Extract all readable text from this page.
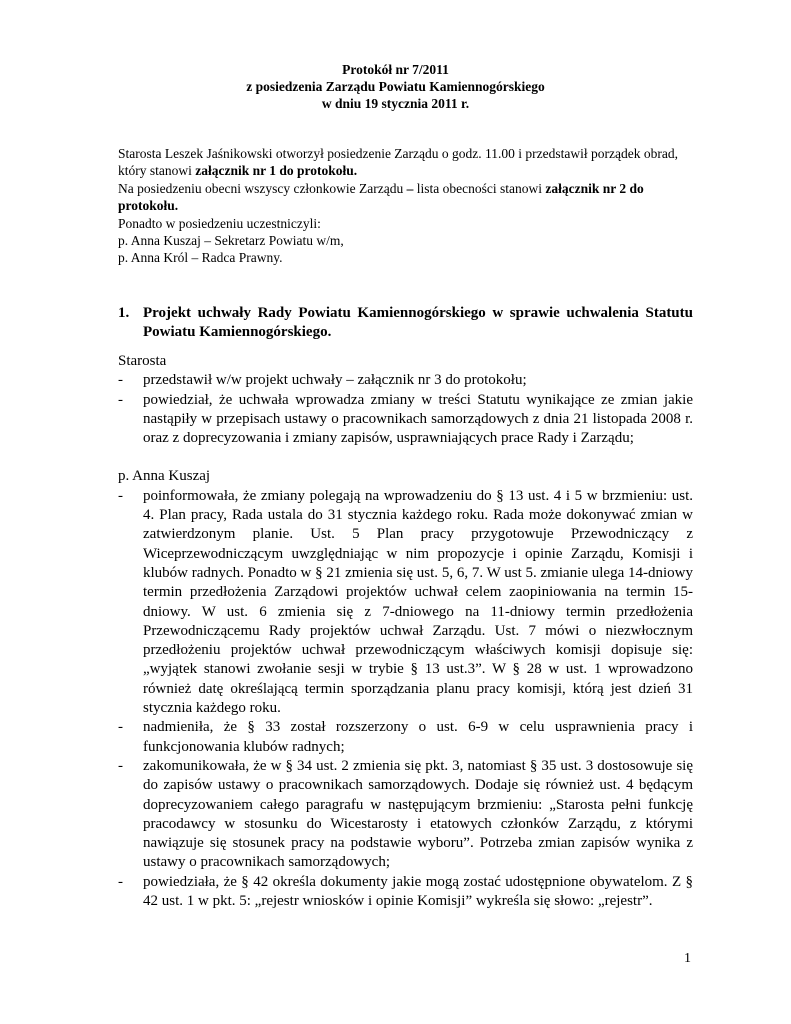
Protokół nr 7/2011
z posiedzenia Zarządu Powiatu Kamiennogórskiego
w dniu 19 stycznia 2011 r.

Starosta Leszek Jaśnikowski otworzył posiedzenie Zarządu o godz. 11.00 i przedstawił porządek obrad, który stanowi załącznik nr 1 do protokołu.

Na posiedzeniu obecni wszyscy członkowie Zarządu – lista obecności stanowi załącznik nr 2 do protokołu.

Ponadto w posiedzeniu uczestniczyli:

p. Anna Kuszaj – Sekretarz Powiatu w/m,

p. Anna Król – Radca Prawny.

1. Projekt uchwały Rady Powiatu Kamiennogórskiego w sprawie uchwalenia Statutu Powiatu Kamiennogórskiego.

Starosta

-	przedstawił w/w projekt uchwały – załącznik nr 3 do protokołu;
-	powiedział, że uchwała wprowadza zmiany w treści Statutu wynikające ze zmian jakie nastąpiły w przepisach ustawy o pracownikach samorządowych z dnia 21 listopada 2008 r. oraz z doprecyzowania i zmiany zapisów, usprawniających prace Rady i Zarządu;

p. Anna Kuszaj

-	poinformowała, że zmiany polegają na wprowadzeniu do § 13 ust. 4 i 5 w brzmieniu: ust. 4. Plan pracy, Rada ustala do 31 stycznia każdego roku. Rada może dokonywać zmian w zatwierdzonym planie. Ust. 5 Plan pracy przygotowuje Przewodniczący z Wiceprzewodniczącym uwzględniając w nim propozycje i opinie Zarządu, Komisji i klubów radnych. Ponadto w § 21 zmienia się ust. 5, 6, 7. W ust 5. zmianie ulega 14-dniowy termin przedłożenia Zarządowi projektów uchwał celem zaopiniowania na termin 15-dniowy. W ust. 6 zmienia się z 7-dniowego na 11-dniowy termin przedłożenia Przewodniczącemu Rady projektów uchwał Zarządu. Ust. 7 mówi o niezwłocznym przedłożeniu projektów uchwał przewodniczącym właściwych komisji dopisuje się: „wyjątek stanowi zwołanie sesji w trybie § 13 ust.3”. W § 28 w ust. 1 wprowadzono również datę określającą termin sporządzania planu pracy komisji, którą jest dzień 31 stycznia każdego roku.
-	nadmieniła, że § 33 został rozszerzony o ust. 6-9 w celu usprawnienia pracy i funkcjonowania klubów radnych;
-	zakomunikowała, że w § 34 ust. 2 zmienia się pkt. 3, natomiast § 35 ust. 3 dostosowuje się do zapisów ustawy o pracownikach samorządowych. Dodaje się również ust. 4 będącym doprecyzowaniem całego paragrafu w następującym brzmieniu: „Starosta pełni funkcję pracodawcy w stosunku do Wicestarosty i etatowych członków Zarządu, z którymi nawiązuje się stosunek pracy na podstawie wyboru”. Potrzeba zmian zapisów wynika z ustawy o pracownikach samorządowych;
-	powiedziała, że § 42 określa dokumenty jakie mogą zostać udostępnione obywatelom. Z § 42 ust. 1 w pkt. 5: „rejestr wniosków i opinie Komisji” wykreśla się słowo: „rejestr”.
1
